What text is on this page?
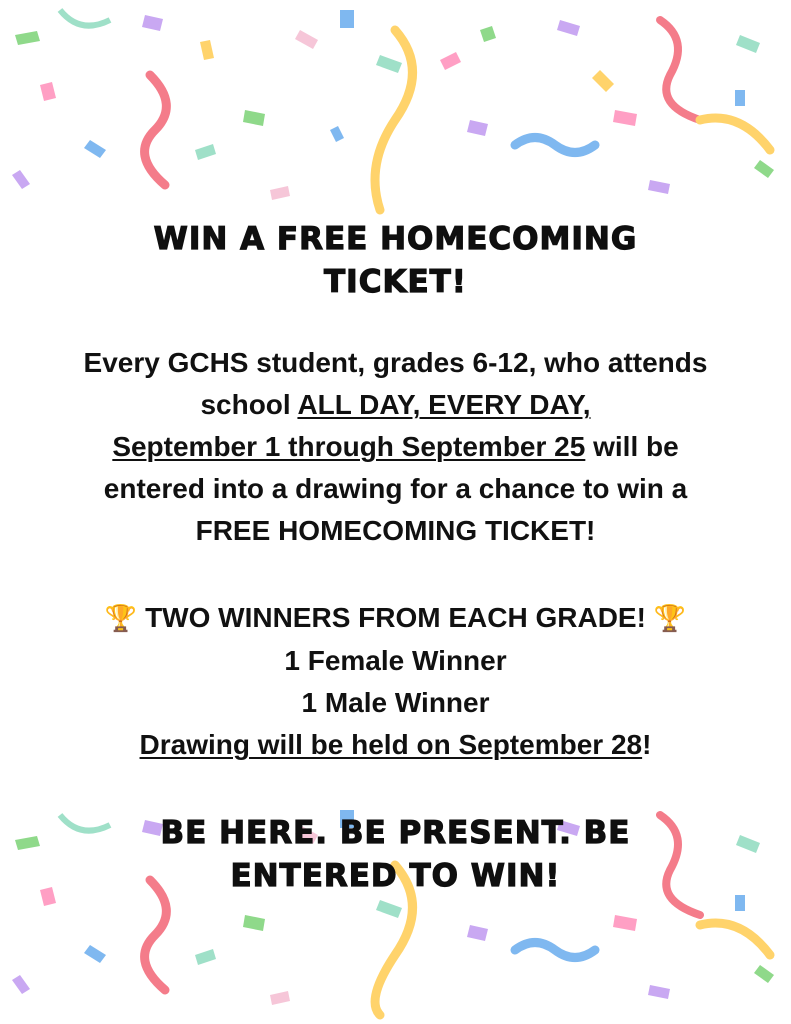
WIN A FREE HOMECOMING
TICKET!
Every GCHS student, grades 6-12, who attends
school ALL DAY, EVERY DAY,
September 1 through September 25 will be
entered into a drawing for a chance to win a
FREE HOMECOMING TICKET!
🏆 TWO WINNERS FROM EACH GRADE! 🏆
1 Female Winner
1 Male Winner
Drawing will be held on September 28!
BE HERE. BE PRESENT. BE
ENTERED TO WIN!
